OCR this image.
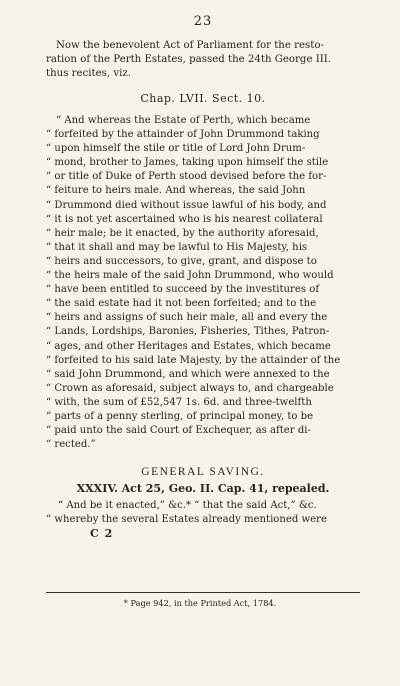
23
Now the benevolent Act of Parliament for the resto-
ration of the Perth Estates, passed the 24th George III.
thus recites, viz.
Chap. LVII. Sect. 10.
“ And whereas the Estate of Perth, which became
“ forfeited by the attainder of John Drummond taking
“ upon himself the stile or title of Lord John Drum-
“ mond, brother to James, taking upon himself the stile
“ or title of Duke of Perth stood devised before the for-
“ feiture to heirs male. And whereas, the said John
“ Drummond died without issue lawful of his body, and
“ it is not yet ascertained who is his nearest collateral
“ heir male; be it enacted, by the authority aforesaid,
“ that it shall and may be lawful to His Majesty, his
“ heirs and successors, to give, grant, and dispose to
“ the heirs male of the said John Drummond, who would
“ have been entitled to succeed by the investitures of
“ the said estate had it not been forfeited; and to the
“ heirs and assigns of such heir male, all and every the
“ Lands, Lordships, Baronies, Fisheries, Tithes, Patron-
“ ages, and other Heritages and Estates, which became
“ forfeited to his said late Majesty, by the attainder of the
“ said John Drummond, and which were annexed to the
“ Crown as aforesaid, subject always to, and chargeable
“ with, the sum of £52,547 1s. 6d. and three-twelfth
“ parts of a penny sterling, of principal money, to be
“ paid unto the said Court of Exchequer, as after di-
“ rected.”
GENERAL SAVING.
XXXIV. Act 25, Geo. II. Cap. 41, repealed.
“ And be it enacted,” &c.* “ that the said Act,” &c.
“ whereby the several Estates already mentioned were
C 2
* Page 942, in the Printed Act, 1784.
